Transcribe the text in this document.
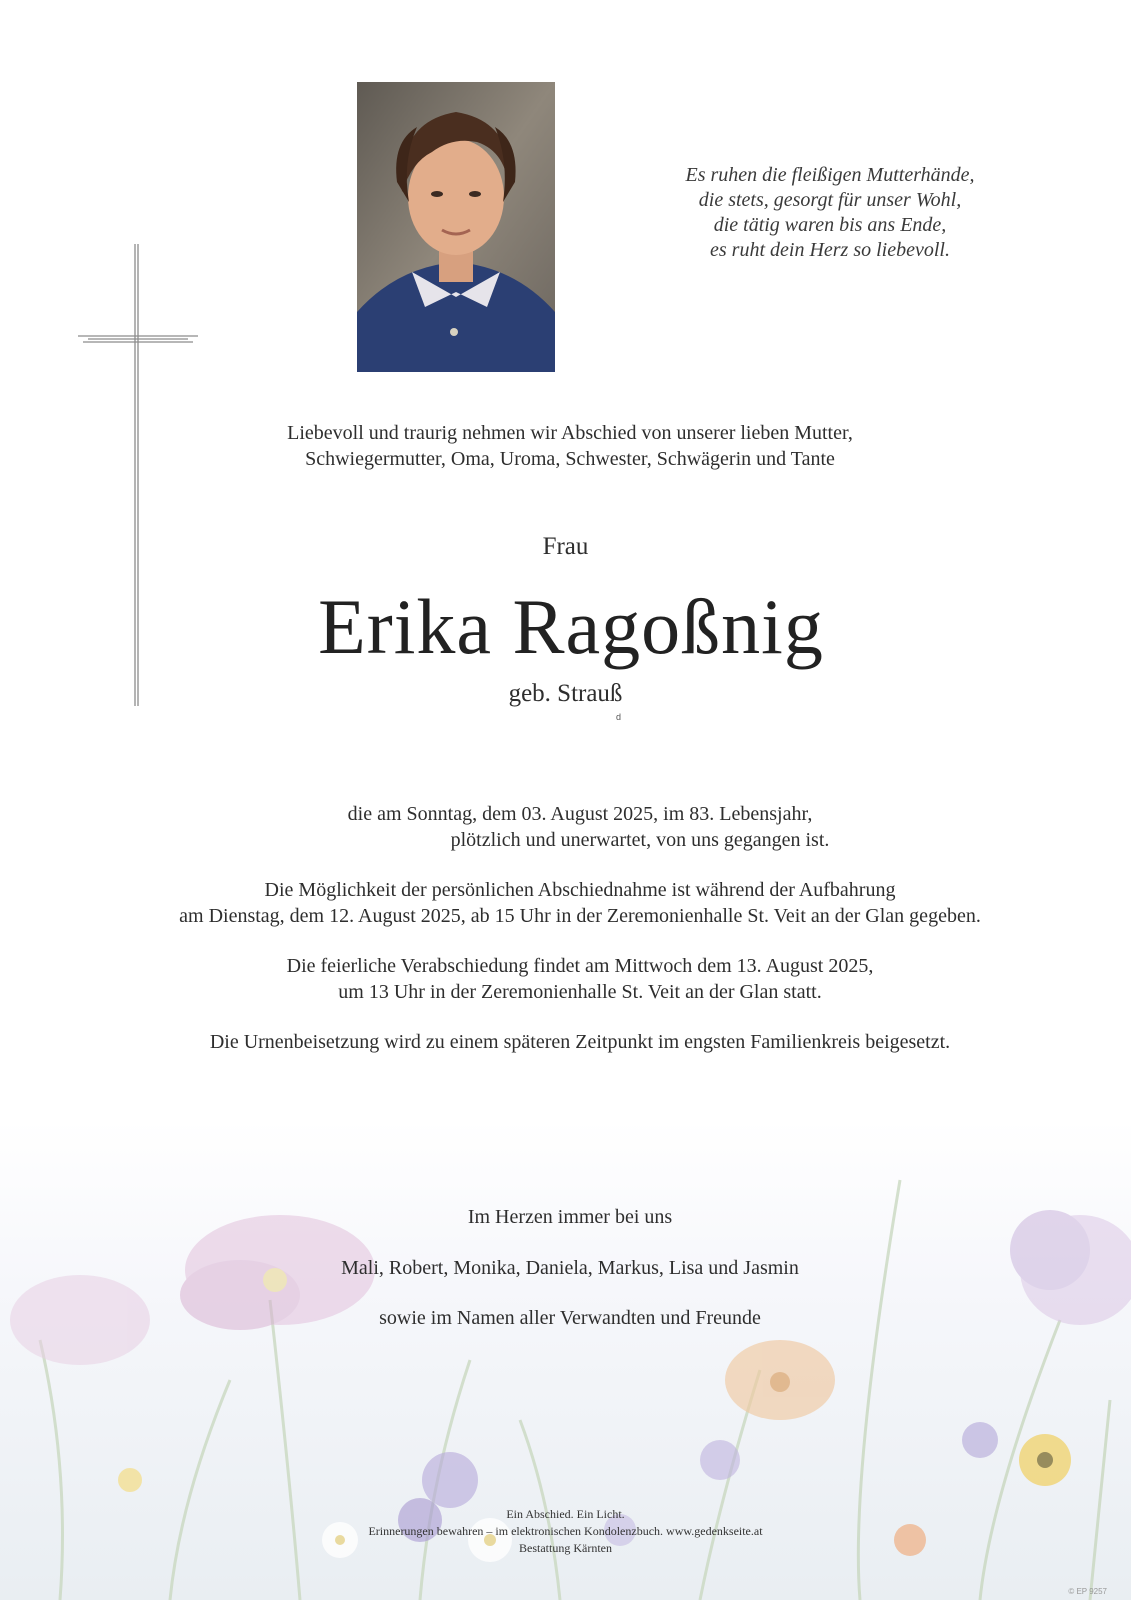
Es ruhen die fleißigen Mutterhände,
die stets, gesorgt für unser Wohl,
die tätig waren bis ans Ende,
es ruht dein Herz so liebevoll.
Liebevoll und traurig nehmen wir Abschied von unserer lieben Mutter,
Schwiegermutter, Oma, Uroma, Schwester, Schwägerin und Tante
Frau
Erika Ragoßnig
geb. Strauß
d
die am Sonntag, dem 03. August 2025, im 83. Lebensjahr,
plötzlich und unerwartet, von uns gegangen ist.
Die Möglichkeit der persönlichen Abschiednahme ist während der Aufbahrung
am Dienstag, dem 12. August 2025, ab 15 Uhr in der Zeremonienhalle St. Veit an der Glan gegeben.
Die feierliche Verabschiedung findet am Mittwoch dem 13. August 2025,
um 13 Uhr in der Zeremonienhalle St. Veit an der Glan statt.
Die Urnenbeisetzung wird zu einem späteren Zeitpunkt im engsten Familienkreis beigesetzt.
Im Herzen immer bei uns
Mali, Robert, Monika, Daniela, Markus, Lisa und Jasmin
sowie im Namen aller Verwandten und Freunde
Ein Abschied. Ein Licht.
Erinnerungen bewahren – im elektronischen Kondolenzbuch. www.gedenkseite.at
Bestattung Kärnten
© EP 9257
